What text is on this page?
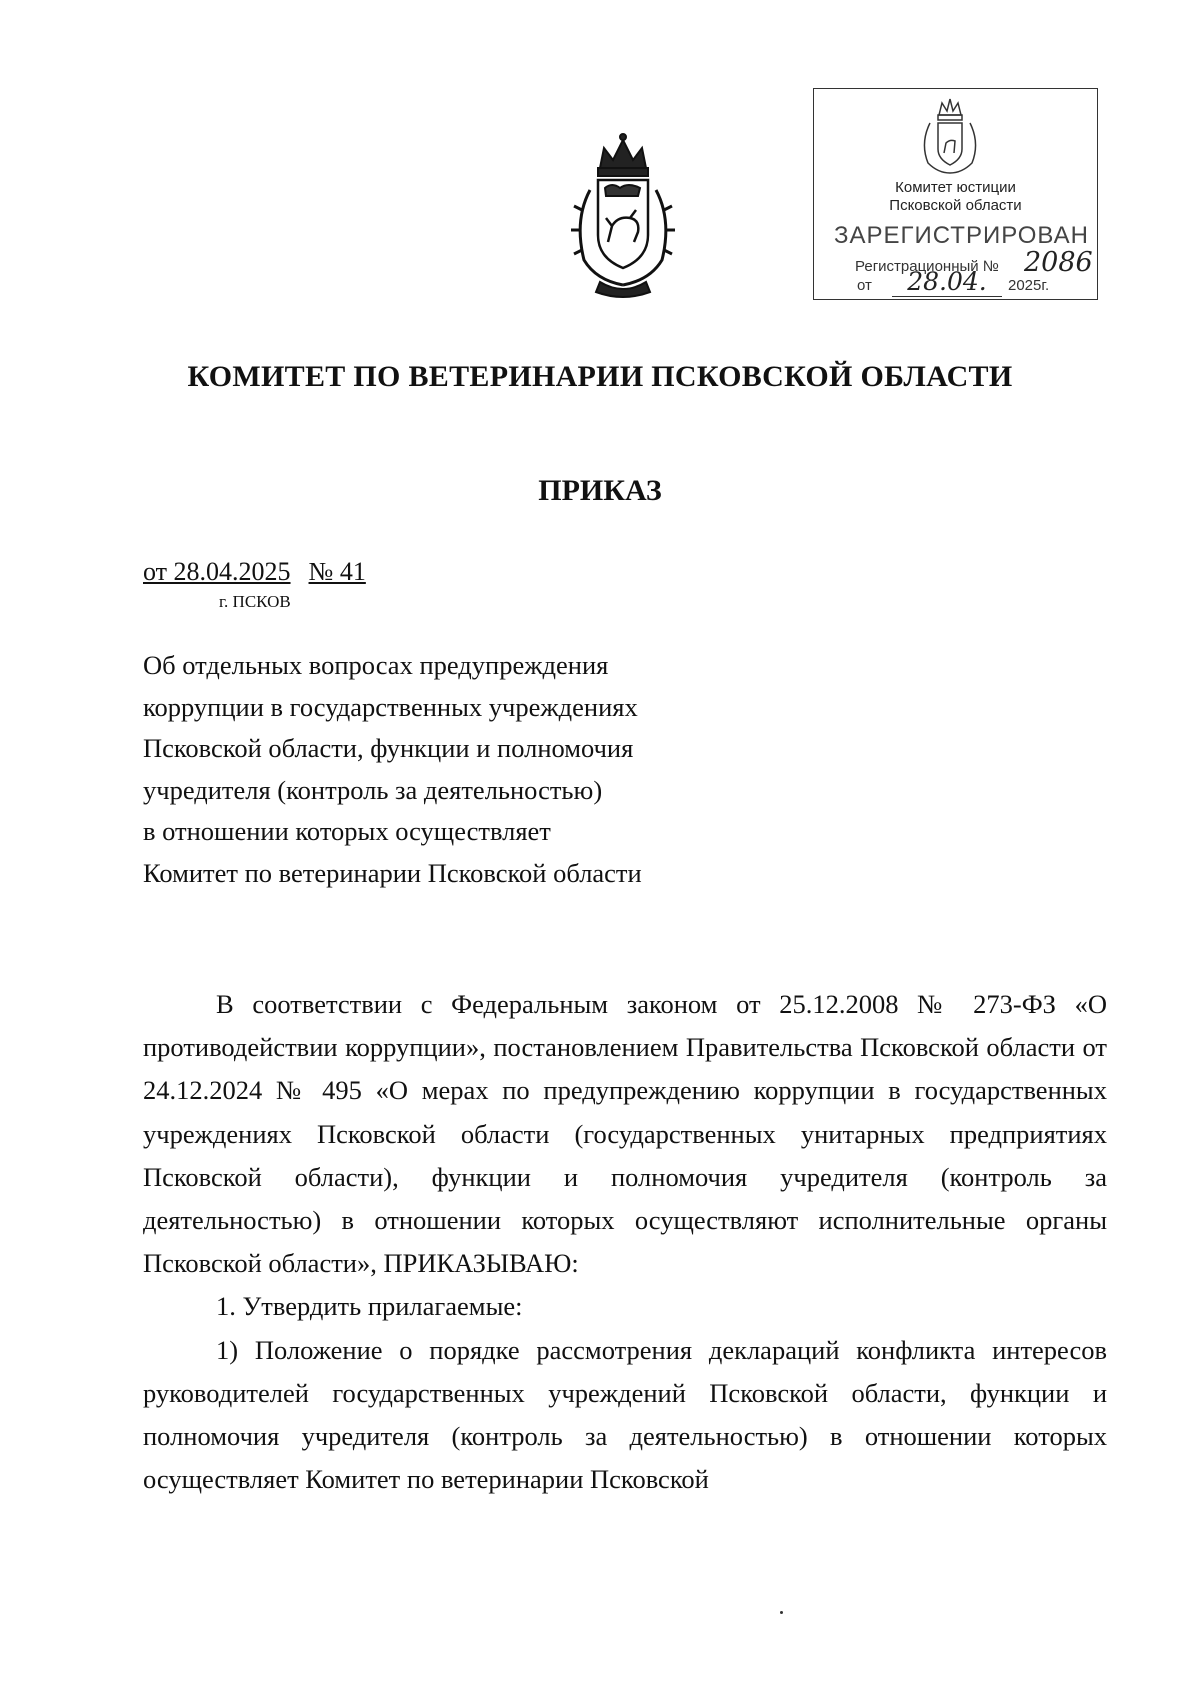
Комитет юстиции
Псковской области
ЗАРЕГИСТРИРОВАН
Регистрационный № 2086
от	28.04.	2025г.
КОМИТЕТ ПО ВЕТЕРИНАРИИ ПСКОВСКОЙ ОБЛАСТИ
ПРИКАЗ
от 28.04.2025 № 41
г. ПСКОВ
Об отдельных вопросах предупреждения
коррупции в государственных учреждениях
Псковской области, функции и полномочия
учредителя (контроль за деятельностью)
в отношении которых осуществляет
Комитет по ветеринарии Псковской области

В соответствии с Федеральным законом от 25.12.2008 № 273-ФЗ «О противодействии коррупции», постановлением Правительства Псковской области от 24.12.2024 № 495 «О мерах по предупреждению коррупции в государственных учреждениях Псковской области (государственных унитарных предприятиях Псковской области), функции и полномочия учредителя (контроль за деятельностью) в отношении которых осуществляют исполнительные органы Псковской области», ПРИКАЗЫВАЮ:

1. Утвердить прилагаемые:

1) Положение о порядке рассмотрения деклараций конфликта интересов руководителей государственных учреждений Псковской области, функции и полномочия учредителя (контроль за деятельностью) в отношении которых осуществляет Комитет по ветеринарии Псковской
